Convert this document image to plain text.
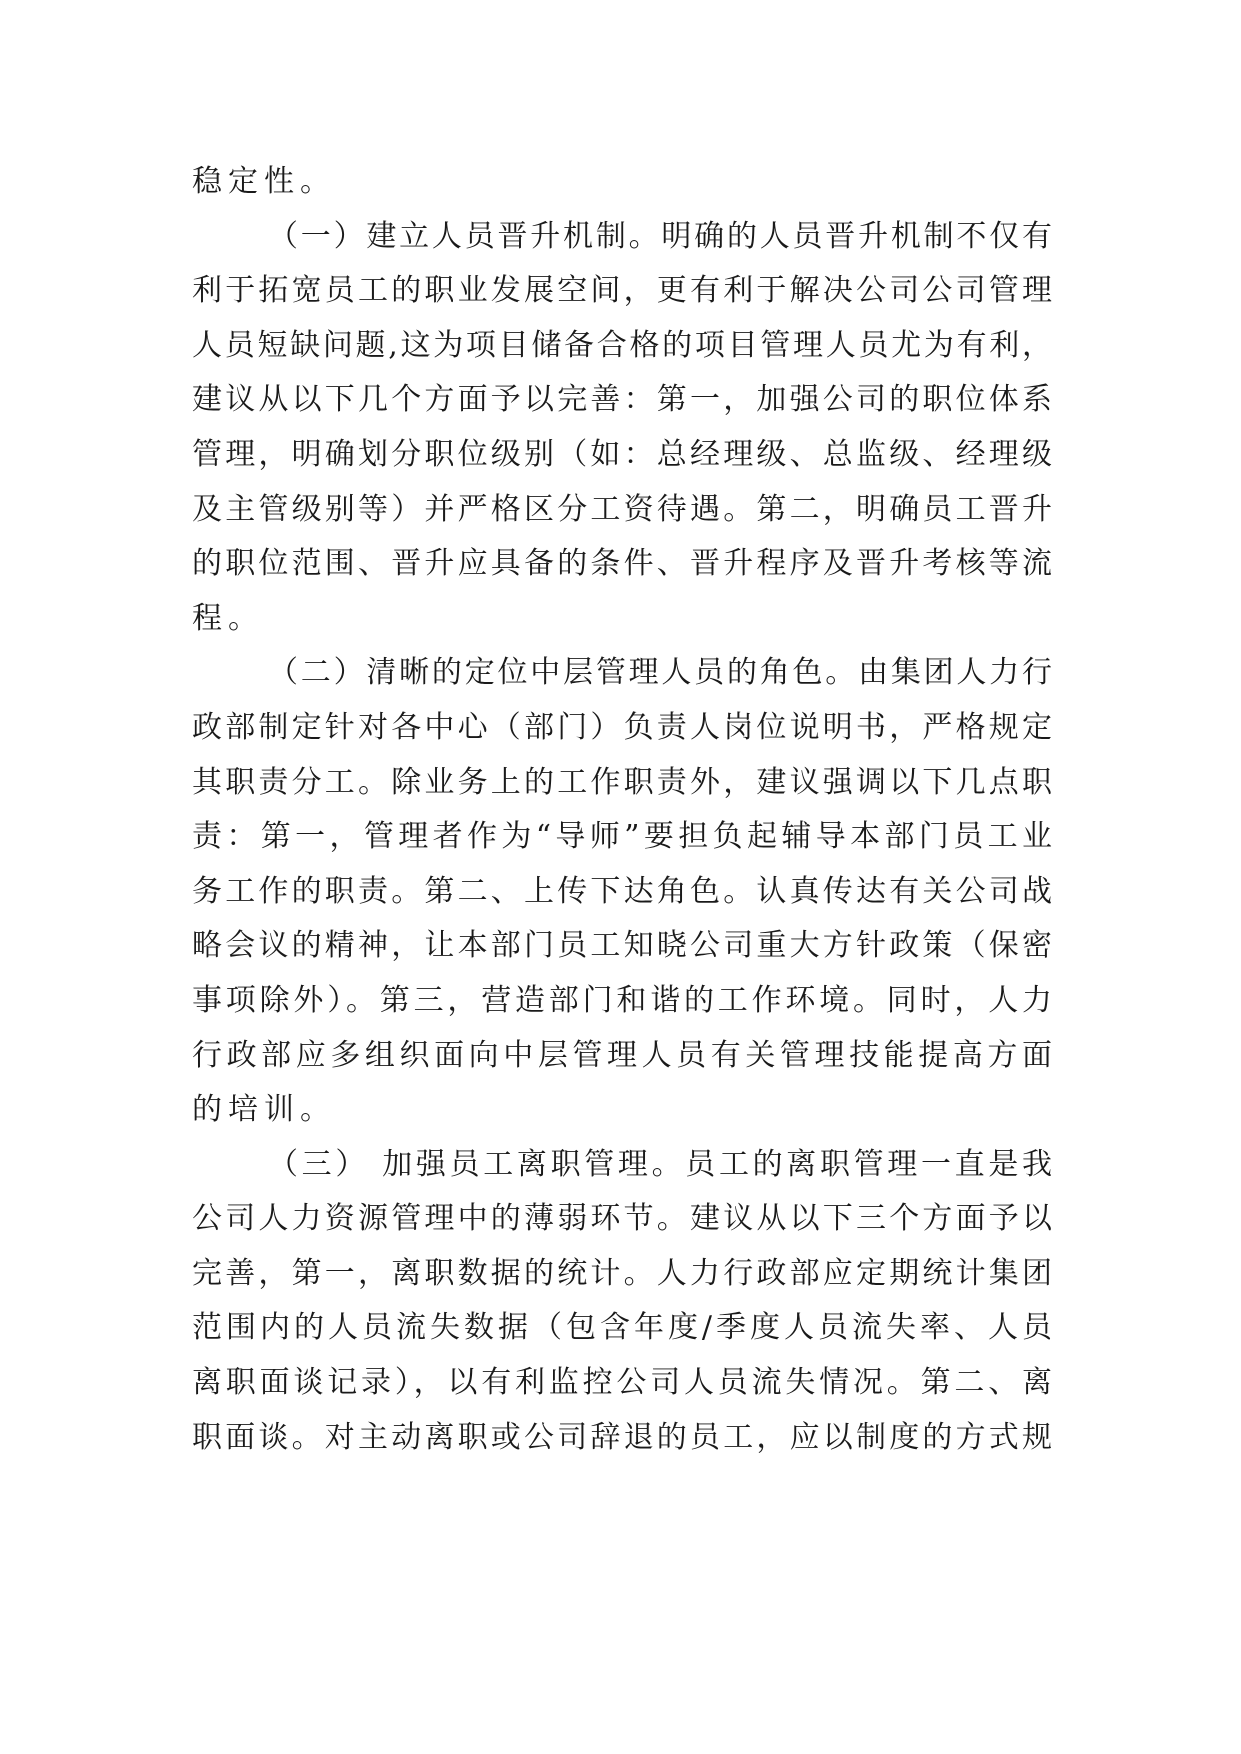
稳定性。
（一）建立人员晋升机制。明确的人员晋升机制不仅有
利于拓宽员工的职业发展空间，更有利于解决公司公司管理
人员短缺问题,这为项目储备合格的项目管理人员尤为有利，
建议从以下几个方面予以完善：第一，加强公司的职位体系
管理，明确划分职位级别（如：总经理级、总监级、经理级
及主管级别等）并严格区分工资待遇。第二，明确员工晋升
的职位范围、晋升应具备的条件、晋升程序及晋升考核等流
程。
（二）清晰的定位中层管理人员的角色。由集团人力行
政部制定针对各中心（部门）负责人岗位说明书，严格规定
其职责分工。除业务上的工作职责外，建议强调以下几点职
责：第一，管理者作为“导师”要担负起辅导本部门员工业
务工作的职责。第二、上传下达角色。认真传达有关公司战
略会议的精神，让本部门员工知晓公司重大方针政策（保密
事项除外）。第三，营造部门和谐的工作环境。同时，人力
行政部应多组织面向中层管理人员有关管理技能提高方面
的培训。
（三） 加强员工离职管理。员工的离职管理一直是我
公司人力资源管理中的薄弱环节。建议从以下三个方面予以
完善，第一，离职数据的统计。人力行政部应定期统计集团
范围内的人员流失数据（包含年度/季度人员流失率、人员
离职面谈记录），以有利监控公司人员流失情况。第二、离
职面谈。对主动离职或公司辞退的员工，应以制度的方式规
